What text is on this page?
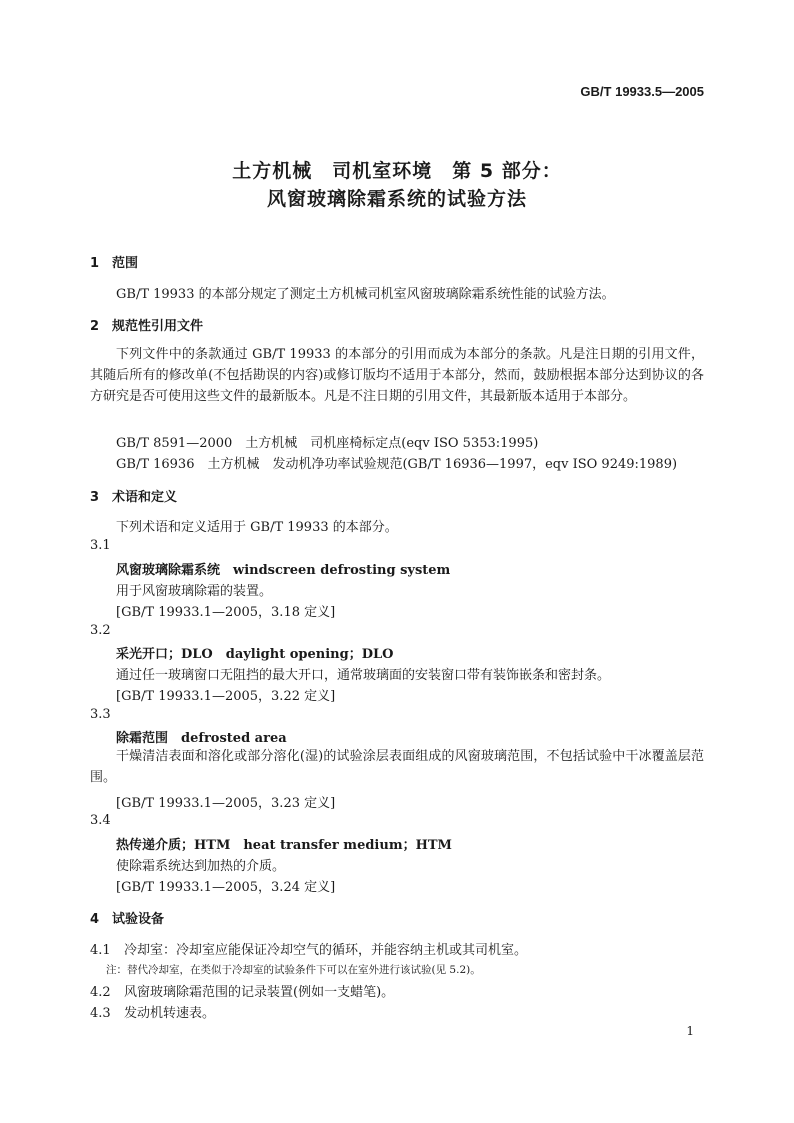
GB/T 19933.5—2005
土方机械　司机室环境　第 5 部分：
风窗玻璃除霜系统的试验方法
1 范围
GB/T 19933 的本部分规定了测定土方机械司机室风窗玻璃除霜系统性能的试验方法。
2 规范性引用文件
下列文件中的条款通过 GB/T 19933 的本部分的引用而成为本部分的条款。凡是注日期的引用文件，其随后所有的修改单(不包括勘误的内容)或修订版均不适用于本部分，然而，鼓励根据本部分达到协议的各方研究是否可使用这些文件的最新版本。凡是不注日期的引用文件，其最新版本适用于本部分。
GB/T 8591—2000　土方机械　司机座椅标定点(eqv ISO 5353:1995)
GB/T 16936　土方机械　发动机净功率试验规范(GB/T 16936—1997，eqv ISO 9249:1989)
3 术语和定义
下列术语和定义适用于 GB/T 19933 的本部分。
3.1
风窗玻璃除霜系统　windscreen defrosting system
用于风窗玻璃除霜的装置。
[GB/T 19933.1—2005，3.18 定义]
3.2
采光开口；DLO　daylight opening；DLO
通过任一玻璃窗口无阻挡的最大开口，通常玻璃面的安装窗口带有装饰嵌条和密封条。
[GB/T 19933.1—2005，3.22 定义]
3.3
除霜范围　defrosted area
干燥清洁表面和溶化或部分溶化(湿)的试验涂层表面组成的风窗玻璃范围，不包括试验中干冰覆盖层范围。
[GB/T 19933.1—2005，3.23 定义]
3.4
热传递介质；HTM　heat transfer medium；HTM
使除霜系统达到加热的介质。
[GB/T 19933.1—2005，3.24 定义]
4 试验设备
4.1 冷却室：冷却室应能保证冷却空气的循环，并能容纳主机或其司机室。
注：替代冷却室，在类似于冷却室的试验条件下可以在室外进行该试验(见 5.2)。
4.2 风窗玻璃除霜范围的记录装置(例如一支蜡笔)。
4.3 发动机转速表。
1
